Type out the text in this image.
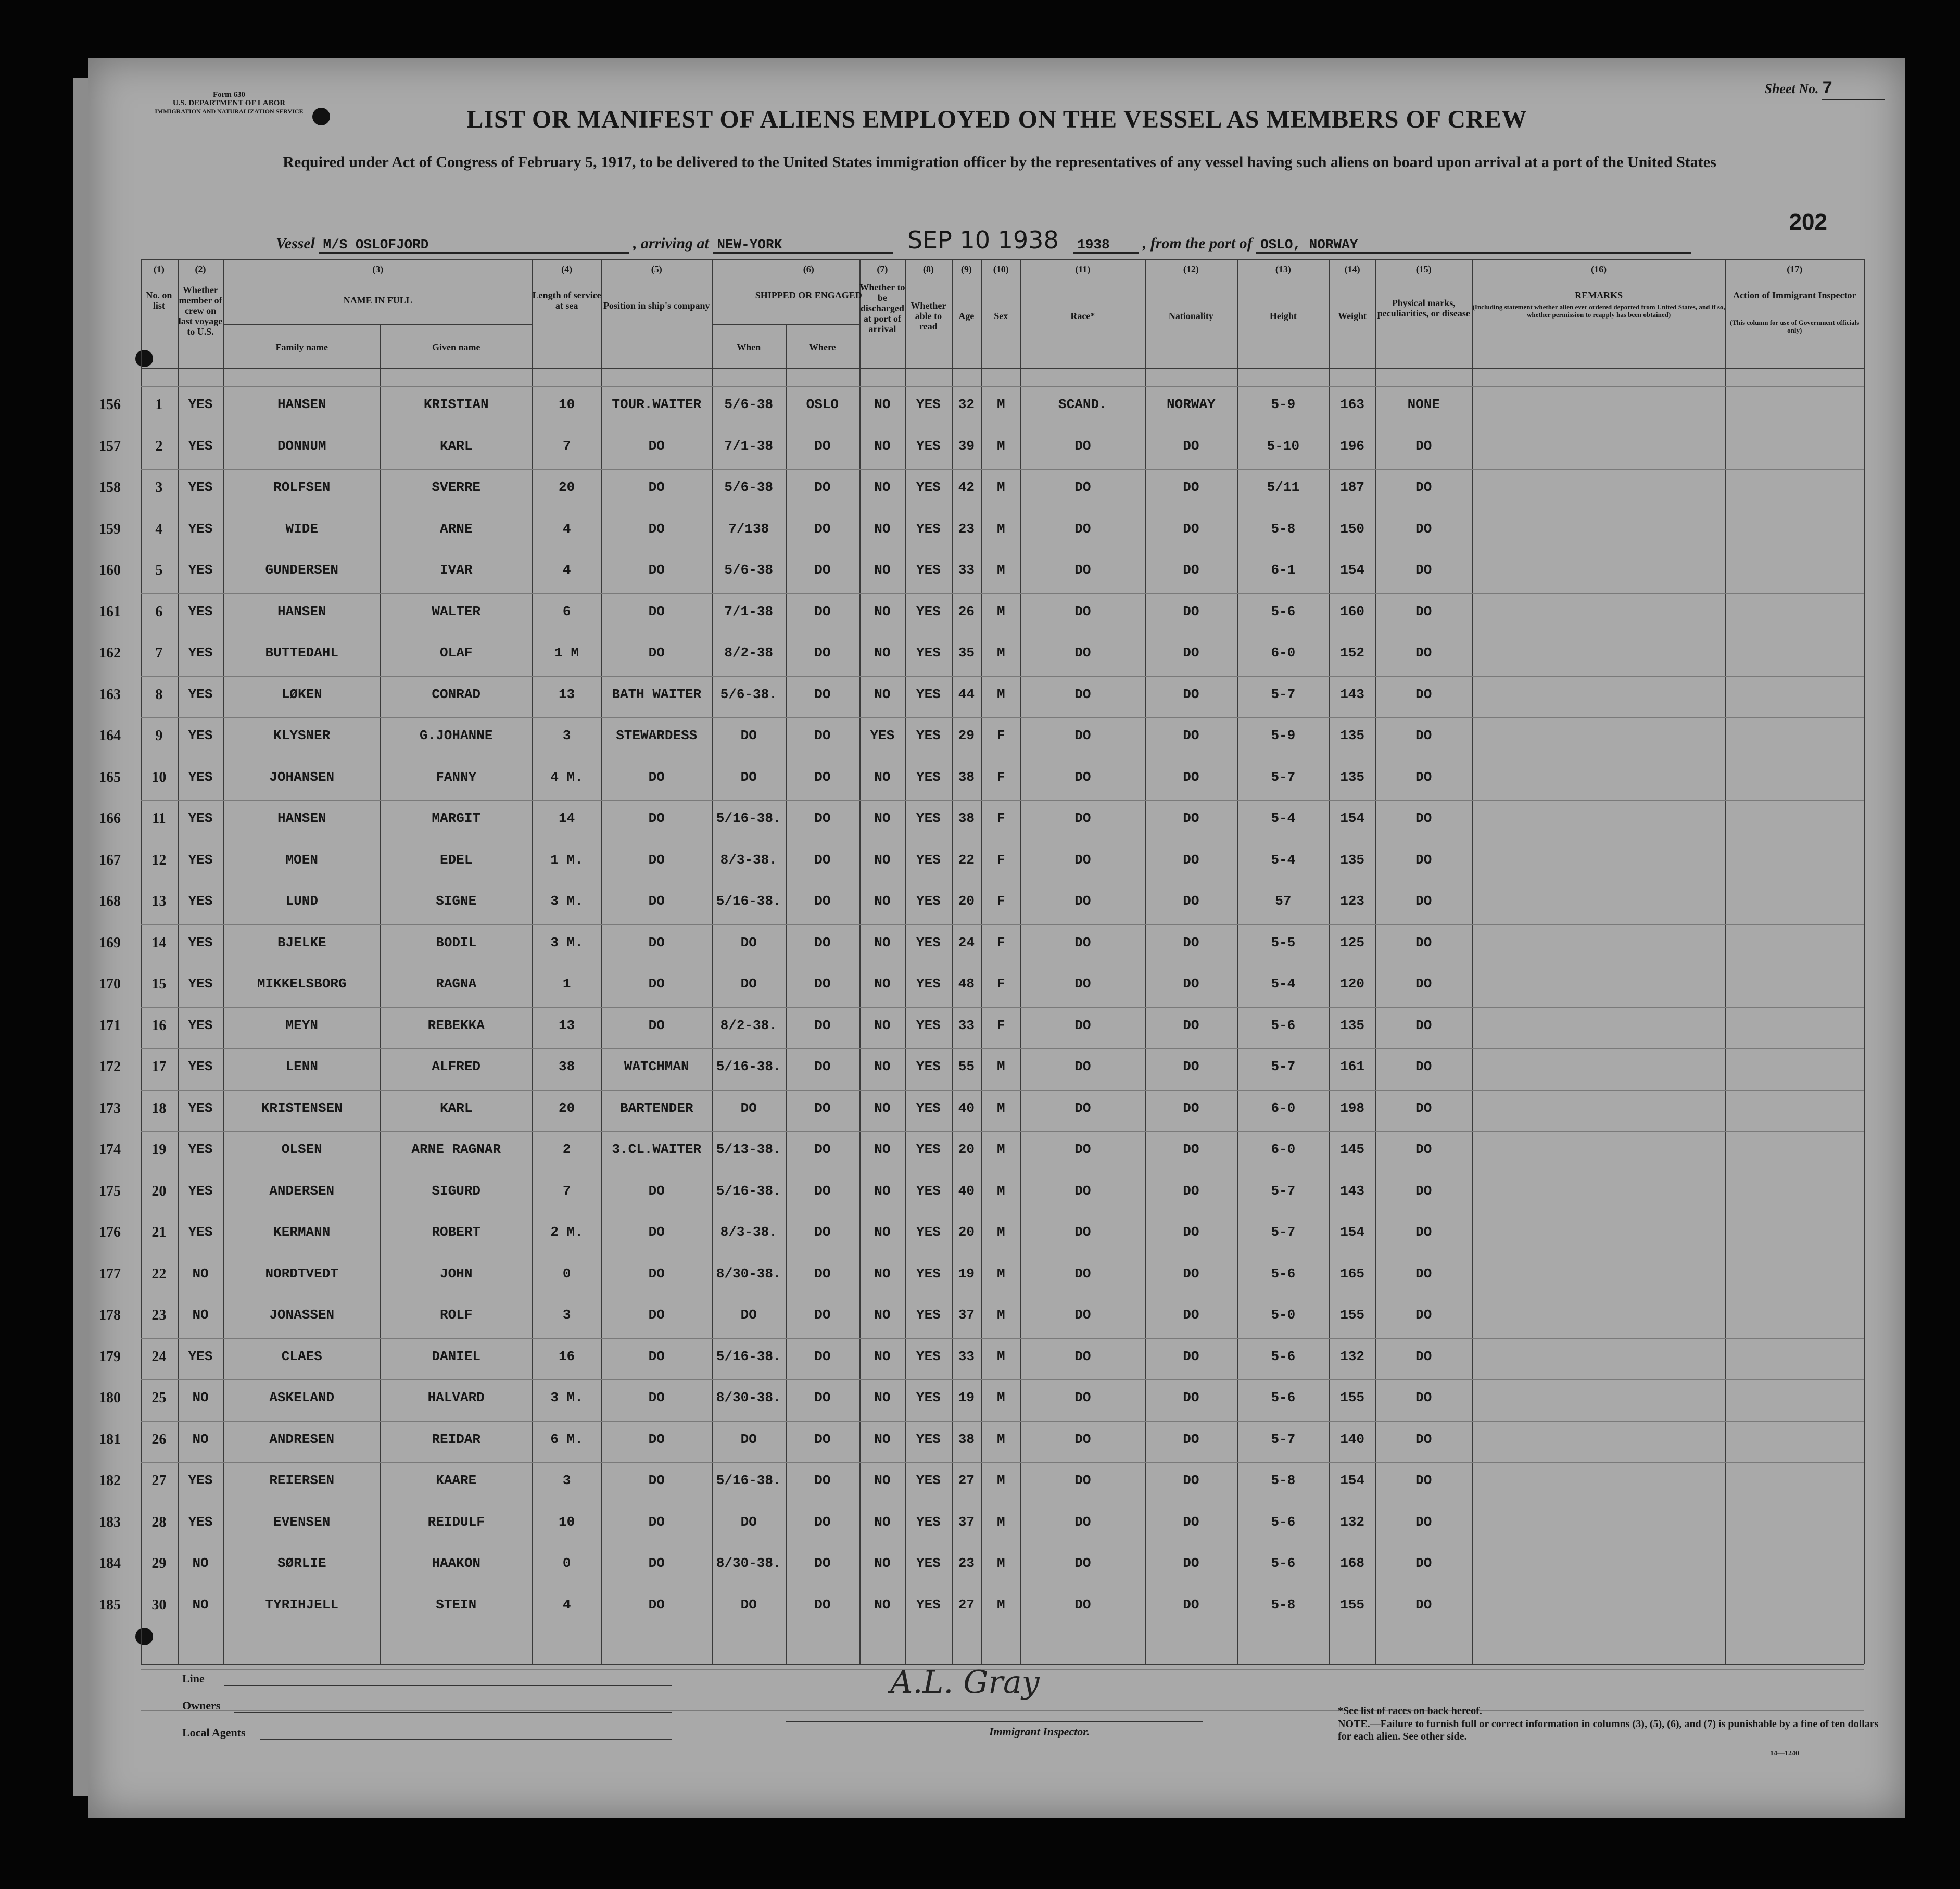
Form 630
U.S. DEPARTMENT OF LABOR
IMMIGRATION AND NATURALIZATION SERVICE
Sheet No. 7
LIST OR MANIFEST OF ALIENS EMPLOYED ON THE VESSEL AS MEMBERS OF CREW
Required under Act of Congress of February 5, 1917, to be delivered to the United States immigration officer by the representatives of any vessel having such aliens on board upon arrival at a port of the United States
Vessel M/S OSLOFJORD	, arriving at NEW-YORK	SEP 10 1938 1938 , from the port of OSLO, NORWAY
202
No. on list
Whether member of crew on last voyage to U.S.
NAME IN FULL
Family name	Given name
Length of service at sea	Position in ship's company
SHIPPED OR ENGAGED
When	Where
Whether to be discharged at port of arrival
Whether able to read
Age	Sex	Race*	Nationality	Height	Weight
Physical marks, peculiarities, or disease
REMARKS
(Including statement whether alien ever ordered deported from United States, and if so, whether permission to reapply has been obtained)
Action of Immigrant Inspector
(This column for use of Government officials only)
(1)	(2)	(3)	(4)	(5)	(6)	(7)	(8)	(9)	(10)	(11)	(12)	(13)	(14)	(15)	(16)	(17)
156	1	YES	HANSEN	KRISTIAN	10	TOUR.WAITER	5/6-38	OSLO	NO	YES	32	M	SCAND.	NORWAY	5-9	163	NONE
157	2	YES	DONNUM	KARL	7	DO	7/1-38	DO	NO	YES	39	M	DO	DO	5-10	196	DO
158	3	YES	ROLFSEN	SVERRE	20	DO	5/6-38	DO	NO	YES	42	M	DO	DO	5/11	187	DO
159	4	YES	WIDE	ARNE	4	DO	7/138	DO	NO	YES	23	M	DO	DO	5-8	150	DO
160	5	YES	GUNDERSEN	IVAR	4	DO	5/6-38	DO	NO	YES	33	M	DO	DO	6-1	154	DO
161	6	YES	HANSEN	WALTER	6	DO	7/1-38	DO	NO	YES	26	M	DO	DO	5-6	160	DO
162	7	YES	BUTTEDAHL	OLAF	1 M	DO	8/2-38	DO	NO	YES	35	M	DO	DO	6-0	152	DO
163	8	YES	LØKEN	CONRAD	13	BATH WAITER	5/6-38.	DO	NO	YES	44	M	DO	DO	5-7	143	DO
164	9	YES	KLYSNER	G.JOHANNE	3	STEWARDESS	DO	DO	YES	YES	29	F	DO	DO	5-9	135	DO
165	10	YES	JOHANSEN	FANNY	4 M.	DO	DO	DO	NO	YES	38	F	DO	DO	5-7	135	DO
166	11	YES	HANSEN	MARGIT	14	DO	5/16-38.	DO	NO	YES	38	F	DO	DO	5-4	154	DO
167	12	YES	MOEN	EDEL	1 M.	DO	8/3-38.	DO	NO	YES	22	F	DO	DO	5-4	135	DO
168	13	YES	LUND	SIGNE	3 M.	DO	5/16-38.	DO	NO	YES	20	F	DO	DO	57	123	DO
169	14	YES	BJELKE	BODIL	3 M.	DO	DO	DO	NO	YES	24	F	DO	DO	5-5	125	DO
170	15	YES	MIKKELSBORG	RAGNA	1	DO	DO	DO	NO	YES	48	F	DO	DO	5-4	120	DO
171	16	YES	MEYN	REBEKKA	13	DO	8/2-38.	DO	NO	YES	33	F	DO	DO	5-6	135	DO
172	17	YES	LENN	ALFRED	38	WATCHMAN	5/16-38.	DO	NO	YES	55	M	DO	DO	5-7	161	DO
173	18	YES	KRISTENSEN	KARL	20	BARTENDER	DO	DO	NO	YES	40	M	DO	DO	6-0	198	DO
174	19	YES	OLSEN	ARNE RAGNAR	2	3.CL.WAITER	5/13-38.	DO	NO	YES	20	M	DO	DO	6-0	145	DO
175	20	YES	ANDERSEN	SIGURD	7	DO	5/16-38.	DO	NO	YES	40	M	DO	DO	5-7	143	DO
176	21	YES	KERMANN	ROBERT	2 M.	DO	8/3-38.	DO	NO	YES	20	M	DO	DO	5-7	154	DO
177	22	NO	NORDTVEDT	JOHN	0	DO	8/30-38.	DO	NO	YES	19	M	DO	DO	5-6	165	DO
178	23	NO	JONASSEN	ROLF	3	DO	DO	DO	NO	YES	37	M	DO	DO	5-0	155	DO
179	24	YES	CLAES	DANIEL	16	DO	5/16-38.	DO	NO	YES	33	M	DO	DO	5-6	132	DO
180	25	NO	ASKELAND	HALVARD	3 M.	DO	8/30-38.	DO	NO	YES	19	M	DO	DO	5-6	155	DO
181	26	NO	ANDRESEN	REIDAR	6 M.	DO	DO	DO	NO	YES	38	M	DO	DO	5-7	140	DO
182	27	YES	REIERSEN	KAARE	3	DO	5/16-38.	DO	NO	YES	27	M	DO	DO	5-8	154	DO
183	28	YES	EVENSEN	REIDULF	10	DO	DO	DO	NO	YES	37	M	DO	DO	5-6	132	DO
184	29	NO	SØRLIE	HAAKON	0	DO	8/30-38.	DO	NO	YES	23	M	DO	DO	5-6	168	DO
185	30	NO	TYRIHJELL	STEIN	4	DO	DO	DO	NO	YES	27	M	DO	DO	5-8	155	DO
Line
Owners
Local Agents
A.L. Gray
Immigrant Inspector.
*See list of races on back hereof.
NOTE.—Failure to furnish full or correct information in columns (3), (5), (6), and (7) is punishable by a fine of ten dollars for each alien. See other side.
14—1240
